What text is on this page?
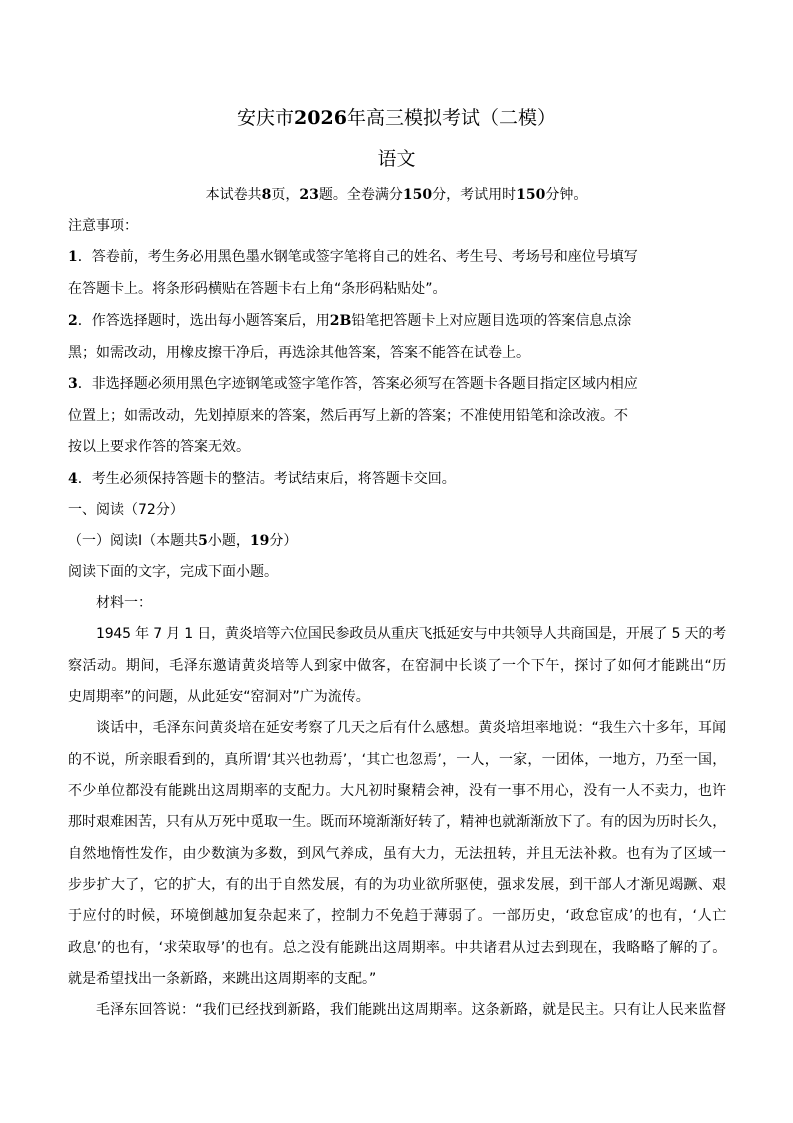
安庆市2026年高三模拟考试（二模）
语文
本试卷共8页，23题。全卷满分150分，考试用时150分钟。
注意事项：
1．答卷前，考生务必用黑色墨水钢笔或签字笔将自己的姓名、考生号、考场号和座位号填写
在答题卡上。将条形码横贴在答题卡右上角“条形码粘贴处”。
2．作答选择题时，选出每小题答案后，用2B铅笔把答题卡上对应题目选项的答案信息点涂
黑；如需改动，用橡皮擦干净后，再选涂其他答案，答案不能答在试卷上。
3．非选择题必须用黑色字迹钢笔或签字笔作答，答案必须写在答题卡各题目指定区域内相应
位置上；如需改动，先划掉原来的答案，然后再写上新的答案；不准使用铅笔和涂改液。不
按以上要求作答的答案无效。
4．考生必须保持答题卡的整洁。考试结束后，将答题卡交回。
一、阅读（72分）
（一）阅读Ⅰ（本题共5小题，19分）
阅读下面的文字，完成下面小题。
材料一：
1945 年 7 月 1 日，黄炎培等六位国民参政员从重庆飞抵延安与中共领导人共商国是，开展了 5 天的考
察活动。期间，毛泽东邀请黄炎培等人到家中做客，在窑洞中长谈了一个下午，探讨了如何才能跳出“历
史周期率”的问题，从此延安“窑洞对”广为流传。
谈话中，毛泽东问黄炎培在延安考察了几天之后有什么感想。黄炎培坦率地说：“我生六十多年，耳闻
的不说，所亲眼看到的，真所谓‘其兴也勃焉’，‘其亡也忽焉’，一人，一家，一团体，一地方，乃至一国，
不少单位都没有能跳出这周期率的支配力。大凡初时聚精会神，没有一事不用心，没有一人不卖力，也许
那时艰难困苦，只有从万死中觅取一生。既而环境渐渐好转了，精神也就渐渐放下了。有的因为历时长久，
自然地惰性发作，由少数演为多数，到风气养成，虽有大力，无法扭转，并且无法补救。也有为了区域一
步步扩大了，它的扩大，有的出于自然发展，有的为功业欲所驱使，强求发展，到干部人才渐见竭蹶、艰
于应付的时候，环境倒越加复杂起来了，控制力不免趋于薄弱了。一部历史，‘政怠宦成’的也有，‘人亡
政息’的也有，‘求荣取辱’的也有。总之没有能跳出这周期率。中共诸君从过去到现在，我略略了解的了。
就是希望找出一条新路，来跳出这周期率的支配。”
毛泽东回答说：“我们已经找到新路，我们能跳出这周期率。这条新路，就是民主。只有让人民来监督
